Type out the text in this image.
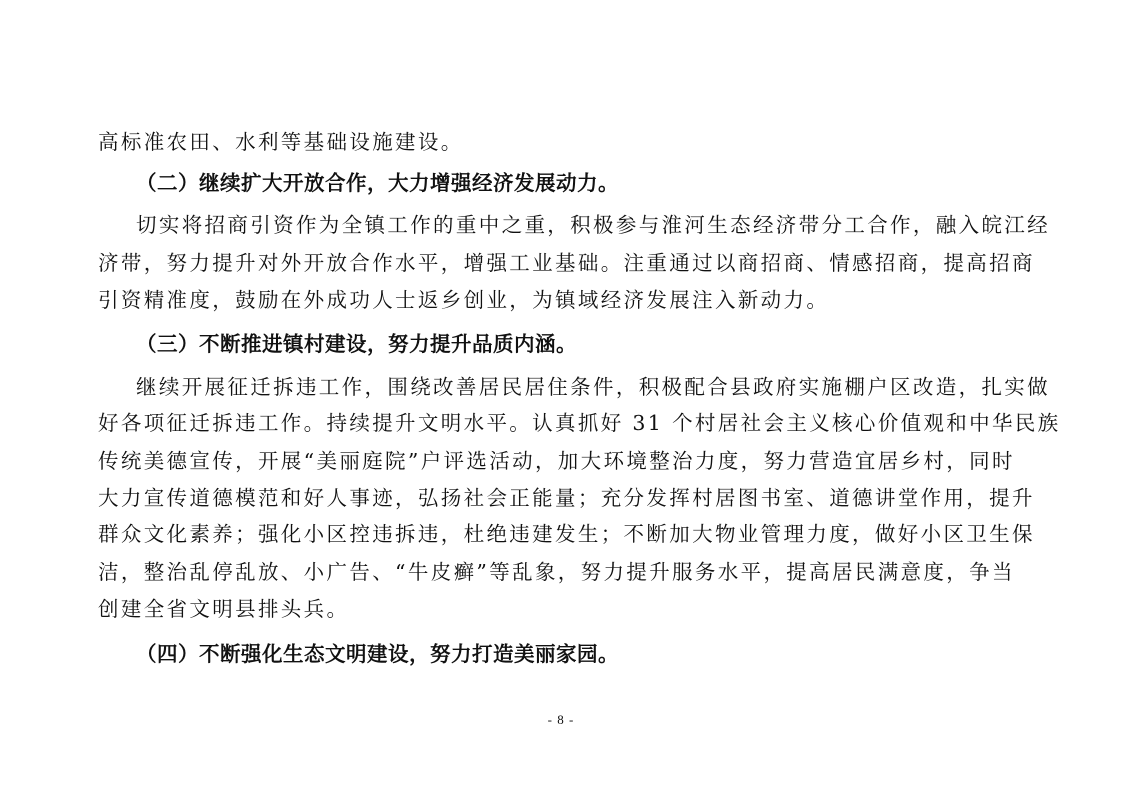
高标准农田、水利等基础设施建设。
（二）继续扩大开放合作，大力增强经济发展动力。
切实将招商引资作为全镇工作的重中之重，积极参与淮河生态经济带分工合作，融入皖江经
济带，努力提升对外开放合作水平，增强工业基础。注重通过以商招商、情感招商，提高招商
引资精准度，鼓励在外成功人士返乡创业，为镇域经济发展注入新动力。
（三）不断推进镇村建设，努力提升品质内涵。
继续开展征迁拆违工作，围绕改善居民居住条件，积极配合县政府实施棚户区改造，扎实做
好各项征迁拆违工作。持续提升文明水平。认真抓好 31 个村居社会主义核心价值观和中华民族
传统美德宣传，开展“美丽庭院”户评选活动，加大环境整治力度，努力营造宜居乡村，同时
大力宣传道德模范和好人事迹，弘扬社会正能量；充分发挥村居图书室、道德讲堂作用，提升
群众文化素养；强化小区控违拆违，杜绝违建发生；不断加大物业管理力度，做好小区卫生保
洁，整治乱停乱放、小广告、“牛皮癣”等乱象，努力提升服务水平，提高居民满意度，争当
创建全省文明县排头兵。
（四）不断强化生态文明建设，努力打造美丽家园。
- 8 -
